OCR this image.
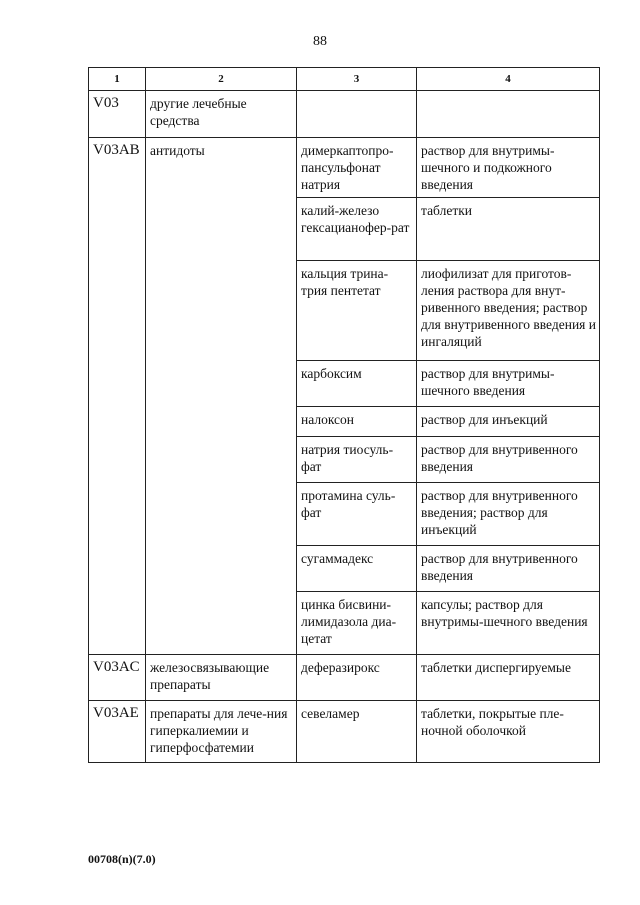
88
1	2	3	4
V03	другие лечебные средства		
V03AB	антидоты	димеркаптопро-пансульфонат натрия	раствор для внутримы-шечного и подкожного введения
		калий-железо гексацианофер-рат	таблетки
		кальция трина-трия пентетат	лиофилизат для приготов-ления раствора для внут-ривенного введения; раствор для внутривенного введения и ингаляций
		карбоксим	раствор для внутримы-шечного введения
		налоксон	раствор для инъекций
		натрия тиосуль-фат	раствор для внутривенного введения
		протамина суль-фат	раствор для внутривенного введения; раствор для инъекций
		сугаммадекс	раствор для внутривенного введения
		цинка бисвини-лимидазола диа-цетат	капсулы; раствор для внутримы-шечного введения
V03AC	железосвязывающие препараты	деферазирокс	таблетки диспергируемые
V03AE	препараты для лече-ния гиперкалиемии и гиперфосфатемии	севеламер	таблетки, покрытые пле-ночной оболочкой
00708(n)(7.0)
